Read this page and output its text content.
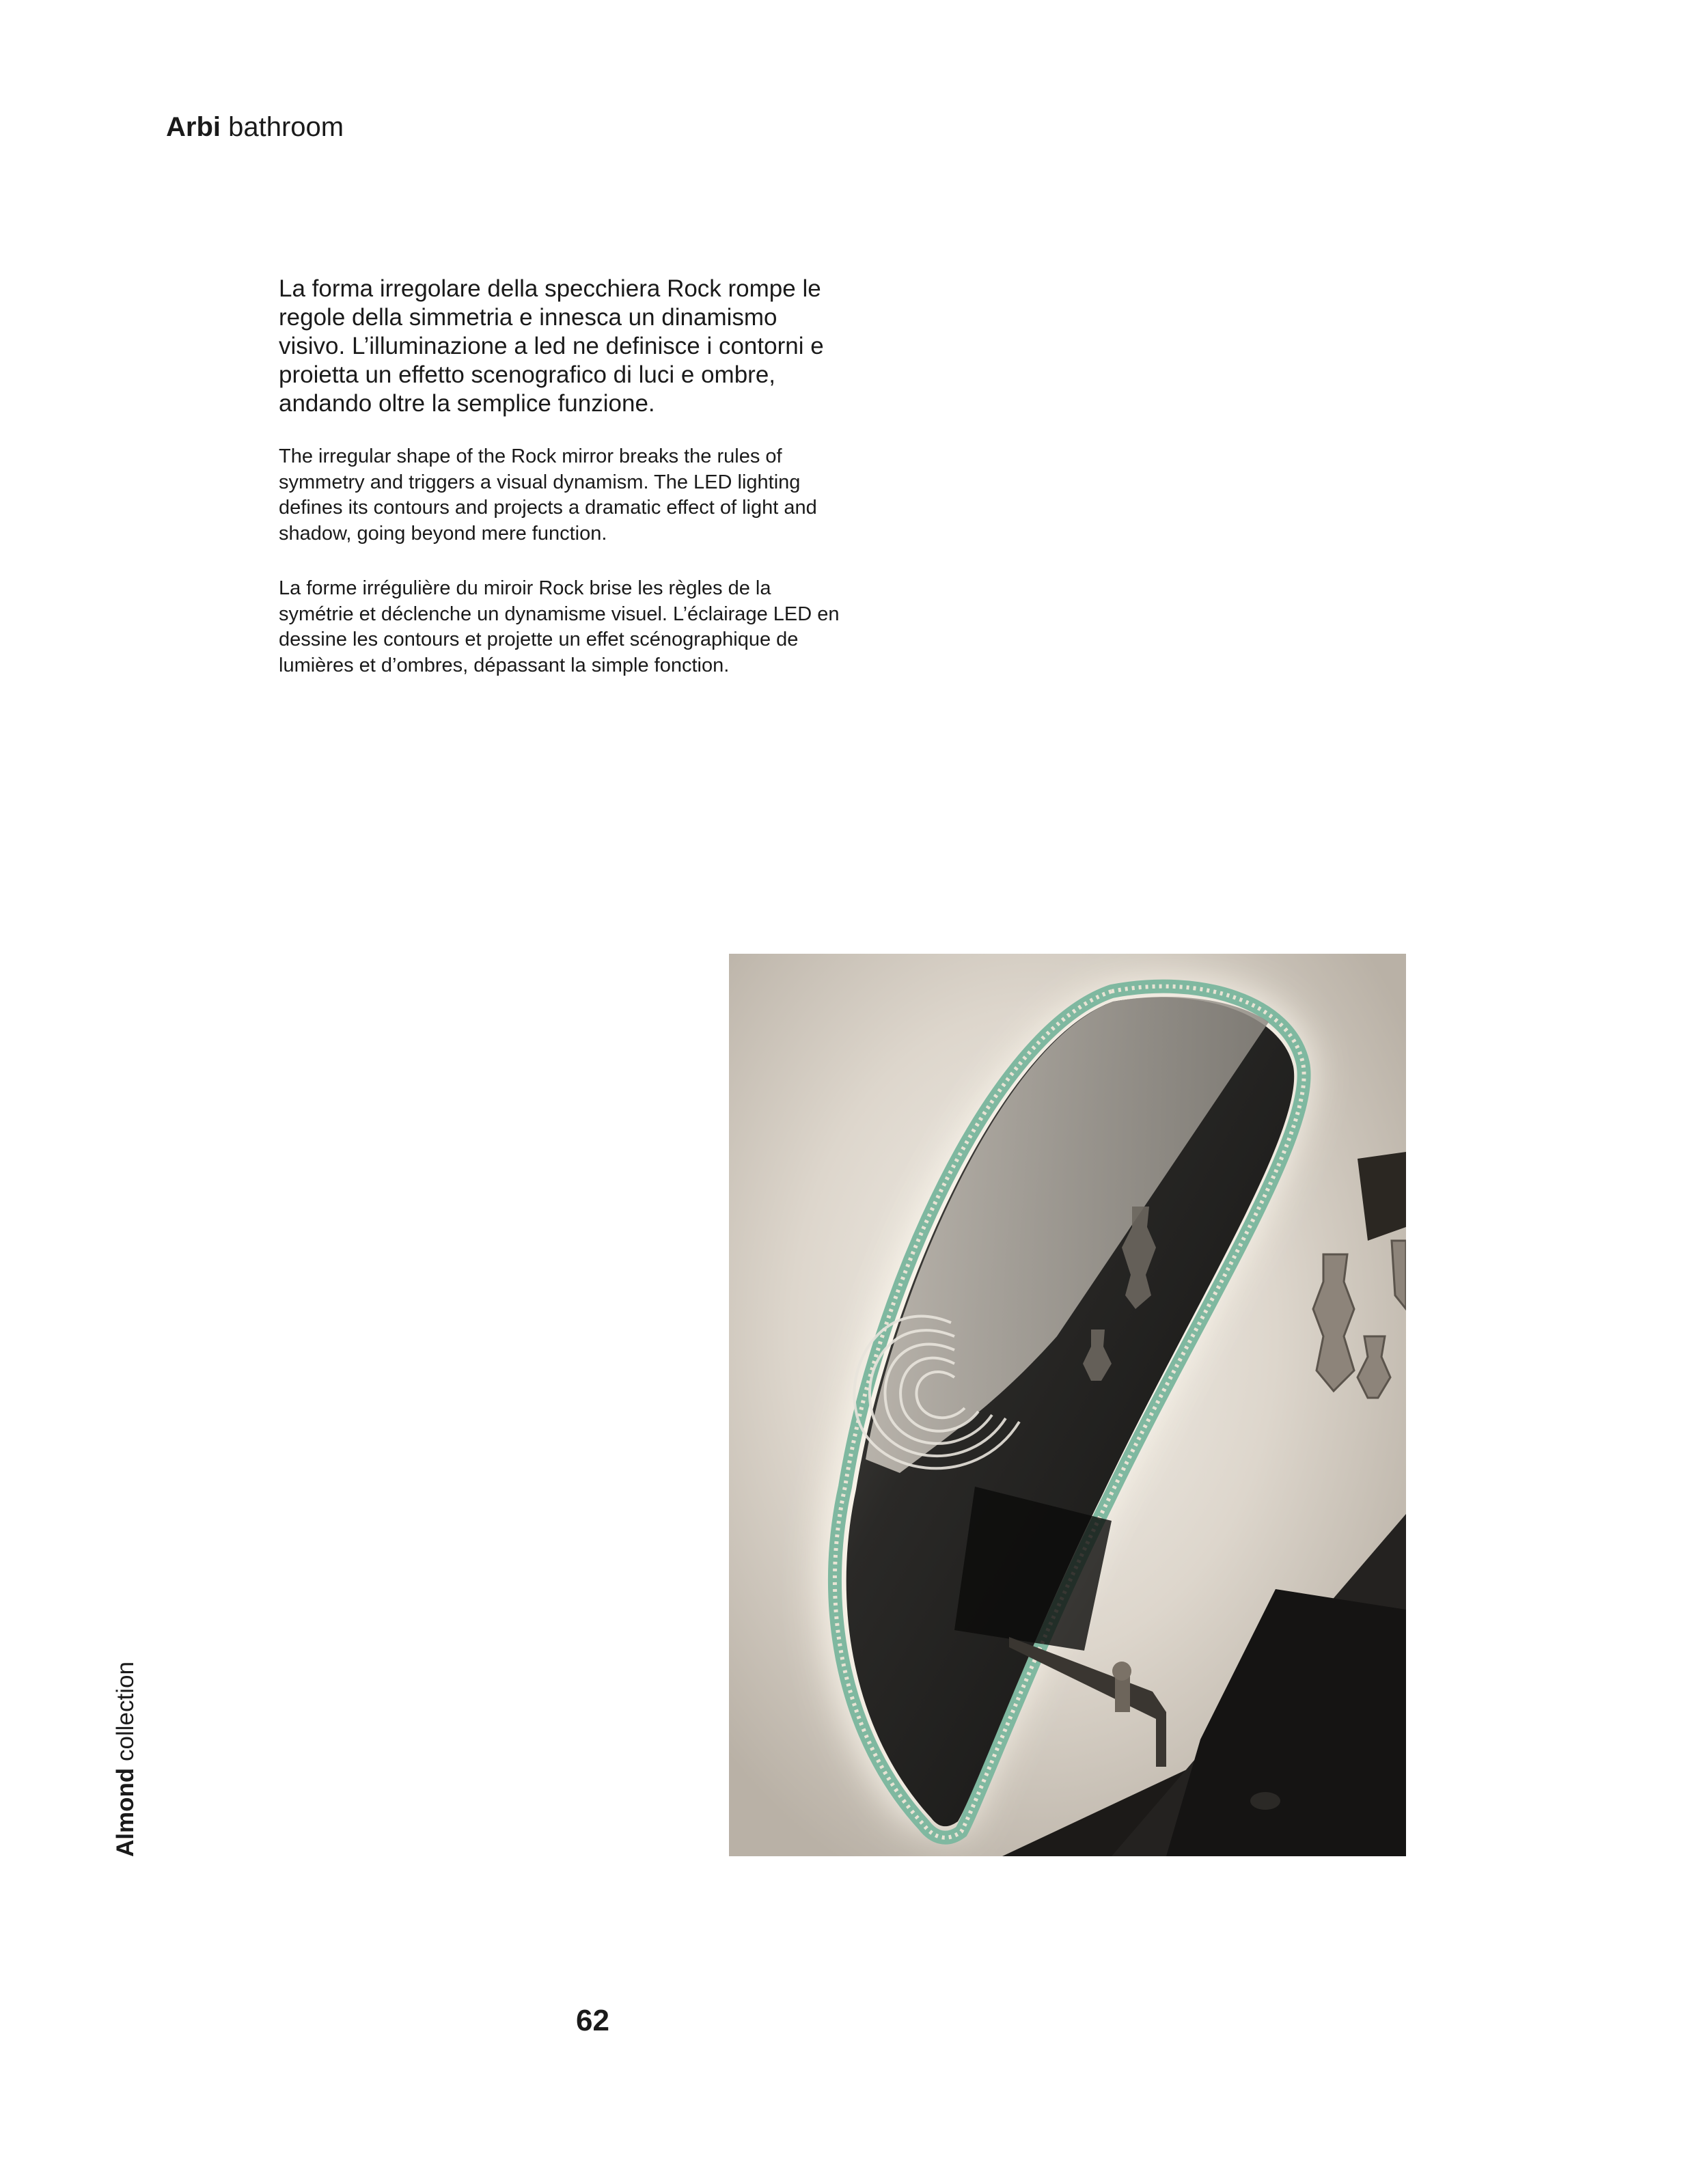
Arbi bathroom

La forma irregolare della specchiera Rock rompe le regole della simmetria e innesca un dinamismo visivo. L’illuminazione a led ne definisce i contorni e proietta un effetto scenografico di luci e ombre, andando oltre la semplice funzione.

The irregular shape of the Rock mirror breaks the rules of symmetry and triggers a visual dynamism. The LED lighting defines its contours and projects a dramatic effect of light and shadow, going beyond mere function.

La forme irrégulière du miroir Rock brise les règles de la symétrie et déclenche un dynamisme visuel. L’éclairage LED en dessine les contours et projette un effet scénographique de lumières et d’ombres, dépassant la simple fonction.

Almond collection
62
